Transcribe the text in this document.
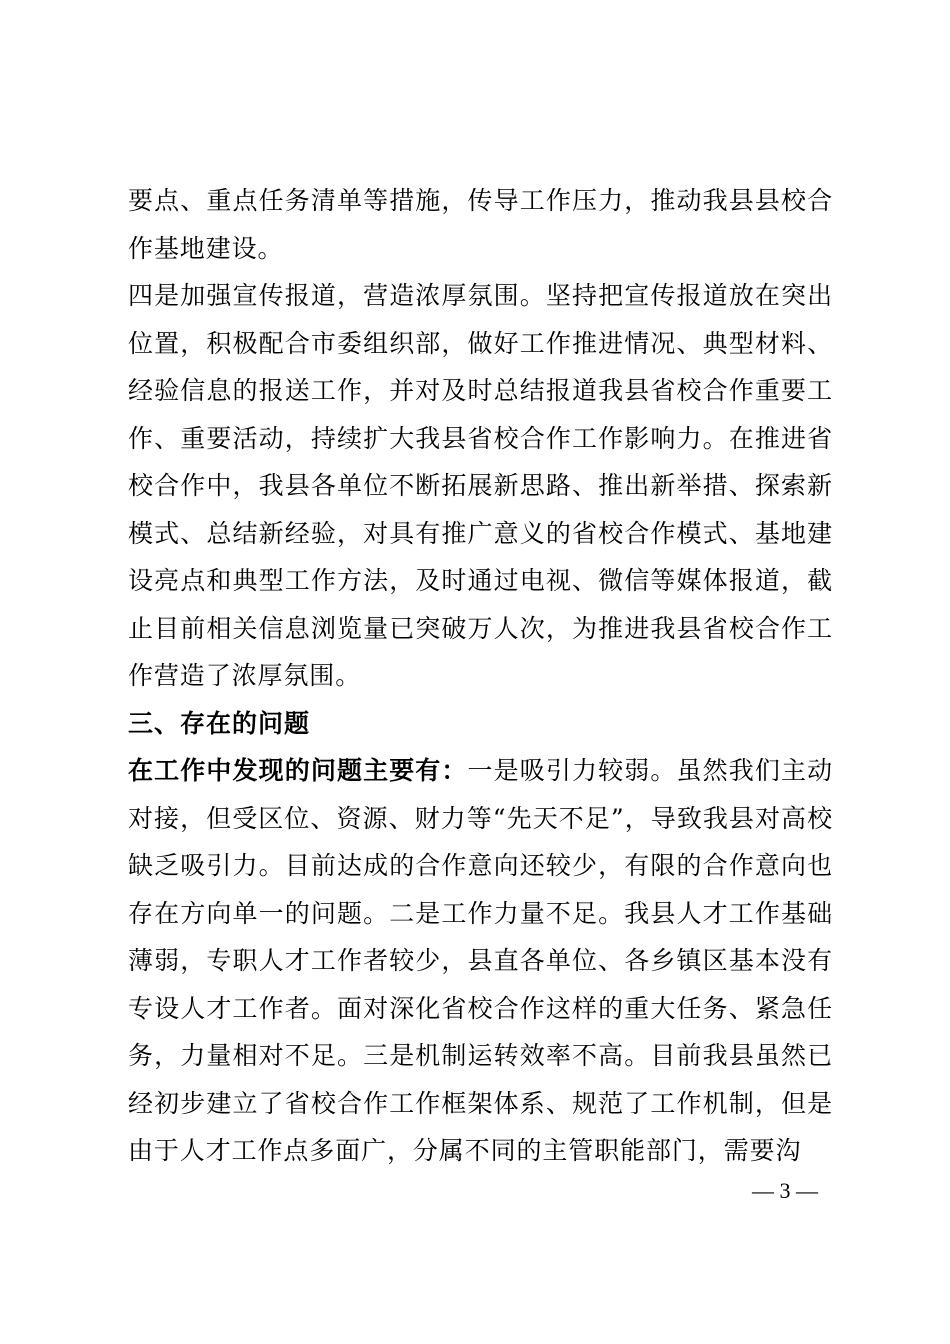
要点、重点任务清单等措施，传导工作压力，推动我县县校合作基地建设。

四是加强宣传报道，营造浓厚氛围。坚持把宣传报道放在突出位置，积极配合市委组织部，做好工作推进情况、典型材料、经验信息的报送工作，并对及时总结报道我县省校合作重要工作、重要活动，持续扩大我县省校合作工作影响力。在推进省校合作中，我县各单位不断拓展新思路、推出新举措、探索新模式、总结新经验，对具有推广意义的省校合作模式、基地建设亮点和典型工作方法，及时通过电视、微信等媒体报道，截止目前相关信息浏览量已突破万人次，为推进我县省校合作工作营造了浓厚氛围。

三、存在的问题

在工作中发现的问题主要有：一是吸引力较弱。虽然我们主动对接，但受区位、资源、财力等“先天不足”，导致我县对高校缺乏吸引力。目前达成的合作意向还较少，有限的合作意向也存在方向单一的问题。二是工作力量不足。我县人才工作基础薄弱，专职人才工作者较少，县直各单位、各乡镇区基本没有专设人才工作者。面对深化省校合作这样的重大任务、紧急任务，力量相对不足。三是机制运转效率不高。目前我县虽然已经初步建立了省校合作工作框架体系、规范了工作机制，但是由于人才工作点多面广，分属不同的主管职能部门，需要沟

— 3 —
